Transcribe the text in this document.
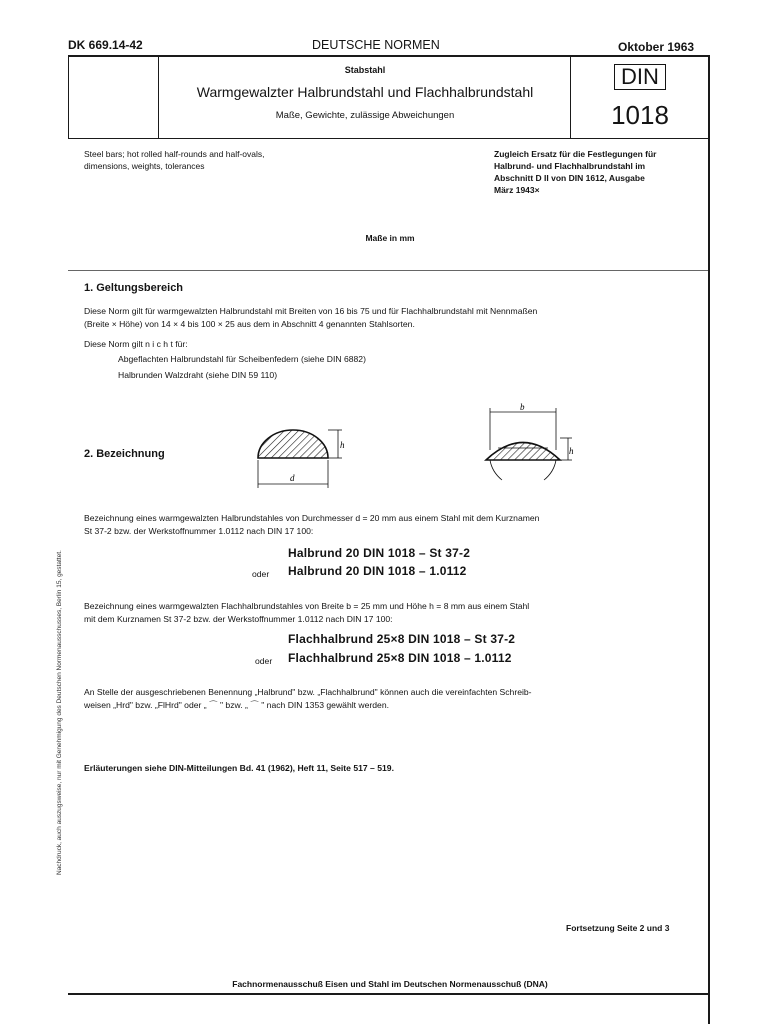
DK 669.14-42	DEUTSCHE NORMEN	Oktober 1963
Stabstahl
Warmgewalzter Halbrundstahl und Flachhalbrundstahl
Maße, Gewichte, zulässige Abweichungen
DIN
1018
Steel bars; hot rolled half-rounds and half-ovals,
dimensions, weights, tolerances
Zugleich Ersatz für die Festlegungen für
Halbrund- und Flachhalbrundstahl im
Abschnitt D II von DIN 1612, Ausgabe
März 1943×
Maße in mm
1. Geltungsbereich
Diese Norm gilt für warmgewalzten Halbrundstahl mit Breiten von 16 bis 75 und für Flachhalbrundstahl mit Nennmaßen
(Breite × Höhe) von 14 × 4 bis 100 × 25 aus dem in Abschnitt 4 genannten Stahlsorten.
Diese Norm gilt n i c h t für:
Abgeflachten Halbrundstahl für Scheibenfedern (siehe DIN 6882)
Halbrunden Walzdraht (siehe DIN 59 110)
2. Bezeichnung
d
h
b
h
Bezeichnung eines warmgewalzten Halbrundstahles von Durchmesser d = 20 mm aus einem Stahl mit dem Kurznamen
St 37-2 bzw. der Werkstoffnummer 1.0112 nach DIN 17 100:
Halbrund 20 DIN 1018 – St 37-2
oder Halbrund 20 DIN 1018 – 1.0112
Bezeichnung eines warmgewalzten Flachhalbrundstahles von Breite b = 25 mm und Höhe h = 8 mm aus einem Stahl
mit dem Kurznamen St 37-2 bzw. der Werkstoffnummer 1.0112 nach DIN 17 100:
Flachhalbrund 25×8 DIN 1018 – St 37-2
oder Flachhalbrund 25×8 DIN 1018 – 1.0112
An Stelle der ausgeschriebenen Benennung „Halbrund" bzw. „Flachhalbrund" können auch die vereinfachten Schreib-
weisen „Hrd" bzw. „FlHrd" oder „ ⌒ " bzw. „ ⌒ " nach DIN 1353 gewählt werden.
Erläuterungen siehe DIN-Mitteilungen Bd. 41 (1962), Heft 11, Seite 517 – 519.
Fortsetzung Seite 2 und 3
Fachnormenausschuß Eisen und Stahl im Deutschen Normenausschuß (DNA)
Nachdruck, auch auszugsweise, nur mit Genehmigung des Deutschen Normenausschusses, Berlin 15, gestattet.
